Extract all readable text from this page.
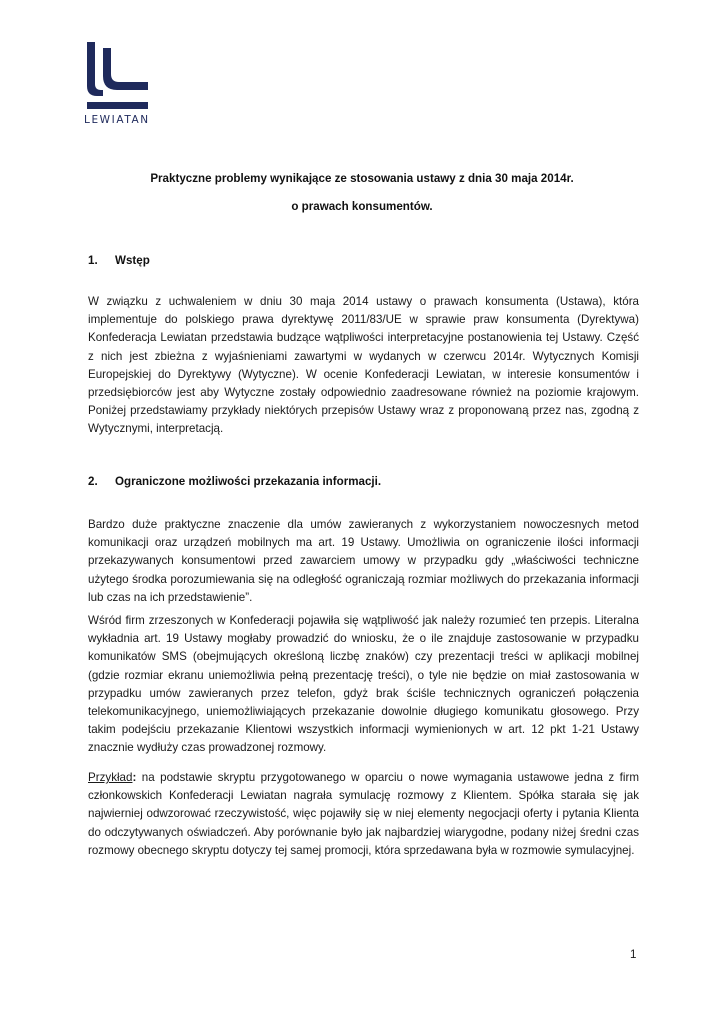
LEWIATAN
Praktyczne problemy wynikające ze stosowania ustawy z dnia 30 maja 2014r.
o prawach konsumentów.
1. Wstęp
W związku z uchwaleniem w dniu 30 maja 2014 ustawy o prawach konsumenta (Ustawa), która implementuje do polskiego prawa dyrektywę 2011/83/UE w sprawie praw konsumenta (Dyrektywa) Konfederacja Lewiatan przedstawia budzące wątpliwości interpretacyjne postanowienia tej Ustawy. Część z nich jest zbieżna z wyjaśnieniami zawartymi w wydanych w czerwcu 2014r. Wytycznych Komisji Europejskiej do Dyrektywy (Wytyczne). W ocenie Konfederacji Lewiatan, w interesie konsumentów i przedsiębiorców jest aby Wytyczne zostały odpowiednio zaadresowane również na poziomie krajowym. Poniżej przedstawiamy przykłady niektórych przepisów Ustawy wraz z proponowaną przez nas, zgodną z Wytycznymi, interpretacją.
2. Ograniczone możliwości przekazania informacji.
Bardzo duże praktyczne znaczenie dla umów zawieranych z wykorzystaniem nowoczesnych metod komunikacji oraz urządzeń mobilnych ma art. 19 Ustawy. Umożliwia on ograniczenie ilości informacji przekazywanych konsumentowi przed zawarciem umowy w przypadku gdy „właściwości techniczne użytego środka porozumiewania się na odległość ograniczają rozmiar możliwych do przekazania informacji lub czas na ich przedstawienie”.
Wśród firm zrzeszonych w Konfederacji pojawiła się wątpliwość jak należy rozumieć ten przepis. Literalna wykładnia art. 19 Ustawy mogłaby prowadzić do wniosku, że o ile znajduje zastosowanie w przypadku komunikatów SMS (obejmujących określoną liczbę znaków) czy prezentacji treści w aplikacji mobilnej (gdzie rozmiar ekranu uniemożliwia pełną prezentację treści), o tyle nie będzie on miał zastosowania w przypadku umów zawieranych przez telefon, gdyż brak ściśle technicznych ograniczeń połączenia telekomunikacyjnego, uniemożliwiających przekazanie dowolnie długiego komunikatu głosowego. Przy takim podejściu przekazanie Klientowi wszystkich informacji wymienionych w art. 12 pkt 1-21 Ustawy znacznie wydłuży czas prowadzonej rozmowy.
Przykład: na podstawie skryptu przygotowanego w oparciu o nowe wymagania ustawowe jedna z firm członkowskich Konfederacji Lewiatan nagrała symulację rozmowy z Klientem. Spółka starała się jak najwierniej odwzorować rzeczywistość, więc pojawiły się w niej elementy negocjacji oferty i pytania Klienta do odczytywanych oświadczeń. Aby porównanie było jak najbardziej wiarygodne, podany niżej średni czas rozmowy obecnego skryptu dotyczy tej samej promocji, która sprzedawana była w rozmowie symulacyjnej.
1
